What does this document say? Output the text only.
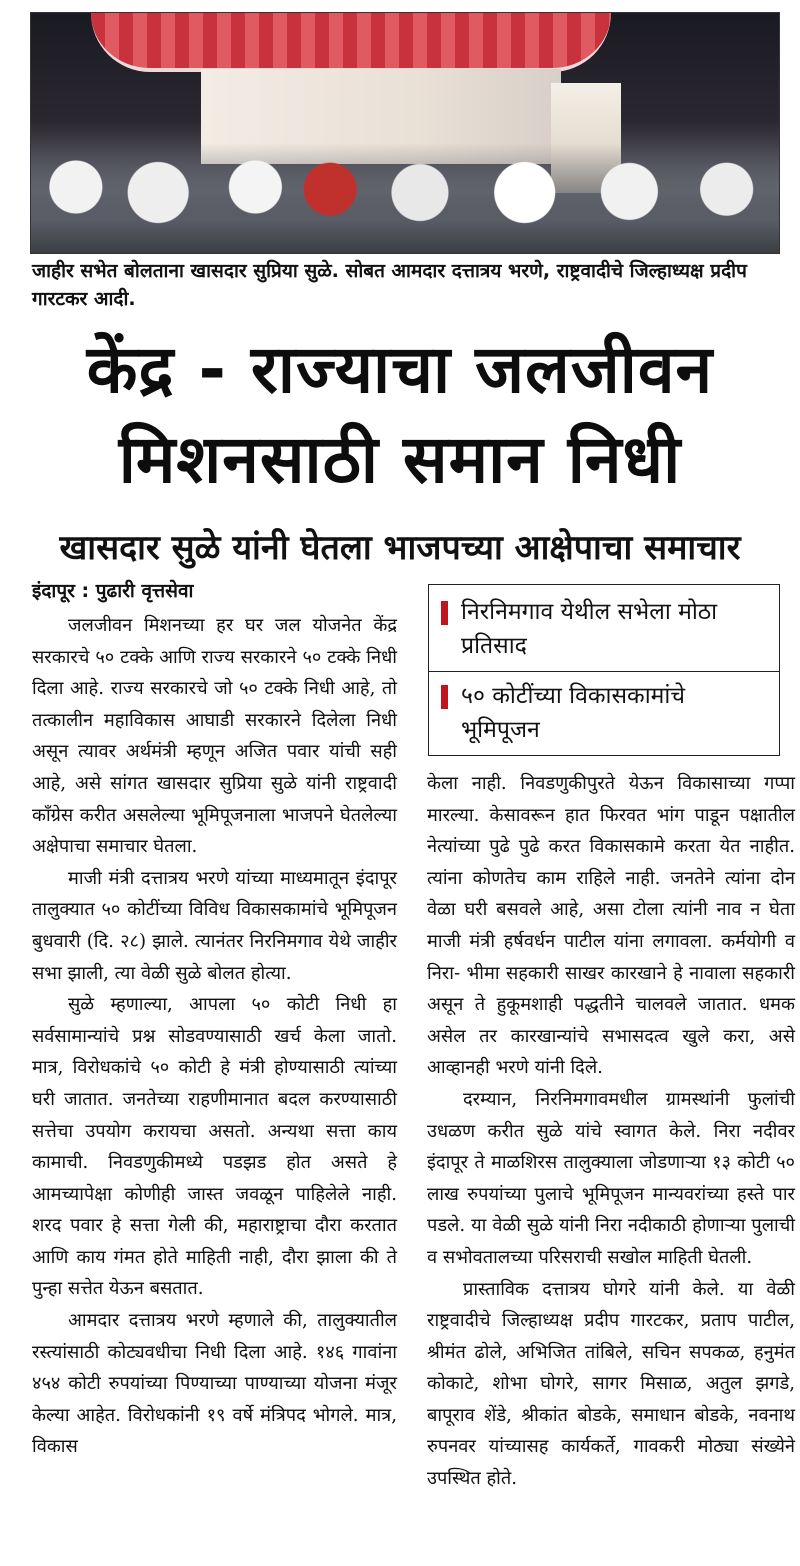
जाहीर सभेत बोलताना खासदार सुप्रिया सुळे. सोबत आमदार दत्तात्रय भरणे, राष्ट्रवादीचे जिल्हाध्यक्ष प्रदीप गारटकर आदी.

केंद्र - राज्याचा जलजीवन
मिशनसाठी समान निधी
खासदार सुळे यांनी घेतला भाजपच्या आक्षेपाचा समाचार

इंदापूर : पुढारी वृत्तसेवा

जलजीवन मिशनच्या हर घर जल योजनेत केंद्र सरकारचे ५० टक्के आणि राज्य सरकारने ५० टक्के निधी दिला आहे. राज्य सरकारचे जो ५० टक्के निधी आहे, तो तत्कालीन महाविकास आघाडी सरकारने दिलेला निधी असून त्यावर अर्थमंत्री म्हणून अजित पवार यांची सही आहे, असे सांगत खासदार सुप्रिया सुळे यांनी राष्ट्रवादी काँग्रेस करीत असलेल्या भूमिपूजनाला भाजपने घेतलेल्या अक्षेपाचा समाचार घेतला.

माजी मंत्री दत्तात्रय भरणे यांच्या माध्यमातून इंदापूर तालुक्यात ५० कोटींच्या विविध विकासकामांचे भूमिपूजन बुधवारी (दि. २८) झाले. त्यानंतर निरनिमगाव येथे जाहीर सभा झाली, त्या वेळी सुळे बोलत होत्या.

सुळे म्हणाल्या, आपला ५० कोटी निधी हा सर्वसामान्यांचे प्रश्न सोडवण्यासाठी खर्च केला जातो. मात्र, विरोधकांचे ५० कोटी हे मंत्री होण्यासाठी त्यांच्या घरी जातात. जनतेच्या राहणीमानात बदल करण्यासाठी सत्तेचा उपयोग करायचा असतो. अन्यथा सत्ता काय कामाची. निवडणुकीमध्ये पडझड होत असते हे आमच्यापेक्षा कोणीही जास्त जवळून पाहिलेले नाही. शरद पवार हे सत्ता गेली की, महाराष्ट्राचा दौरा करतात आणि काय गंमत होते माहिती नाही, दौरा झाला की ते पुन्हा सत्तेत येऊन बसतात.

आमदार दत्तात्रय भरणे म्हणाले की, तालुक्यातील रस्त्यांसाठी कोट्यवधीचा निधी दिला आहे. १४६ गावांना ४५४ कोटी रुपयांच्या पिण्याच्या पाण्याच्या योजना मंजूर केल्या आहेत. विरोधकांनी १९ वर्षे मंत्रिपद भोगले. मात्र, विकास

निरनिमगाव येथील सभेला मोठा प्रतिसाद
५० कोटींच्या विकासकामांचे भूमिपूजन

केला नाही. निवडणुकीपुरते येऊन विकासाच्या गप्पा मारल्या. केसावरून हात फिरवत भांग पाडून पक्षातील नेत्यांच्या पुढे पुढे करत विकासकामे करता येत नाहीत. त्यांना कोणतेच काम राहिले नाही. जनतेने त्यांना दोन वेळा घरी बसवले आहे, असा टोला त्यांनी नाव न घेता माजी मंत्री हर्षवर्धन पाटील यांना लगावला. कर्मयोगी व निरा- भीमा सहकारी साखर कारखाने हे नावाला सहकारी असून ते हुकूमशाही पद्धतीने चालवले जातात. धमक असेल तर कारखान्यांचे सभासदत्व खुले करा, असे आव्हानही भरणे यांनी दिले.

दरम्यान, निरनिमगावमधील ग्रामस्थांनी फुलांची उधळण करीत सुळे यांचे स्वागत केले. निरा नदीवर इंदापूर ते माळशिरस तालुक्याला जोडणाऱ्या १३ कोटी ५० लाख रुपयांच्या पुलाचे भूमिपूजन मान्यवरांच्या हस्ते पार पडले. या वेळी सुळे यांनी निरा नदीकाठी होणाऱ्या पुलाची व सभोवतालच्या परिसराची सखोल माहिती घेतली.

प्रास्ताविक दत्तात्रय घोगरे यांनी केले. या वेळी राष्ट्रवादीचे जिल्हाध्यक्ष प्रदीप गारटकर, प्रताप पाटील, श्रीमंत ढोले, अभिजित तांबिले, सचिन सपकळ, हनुमंत कोकाटे, शोभा घोगरे, सागर मिसाळ, अतुल झगडे, बापूराव शेंडे, श्रीकांत बोडके, समाधान बोडके, नवनाथ रुपनवर यांच्यासह कार्यकर्ते, गावकरी मोठ्या संख्येने उपस्थित होते.
